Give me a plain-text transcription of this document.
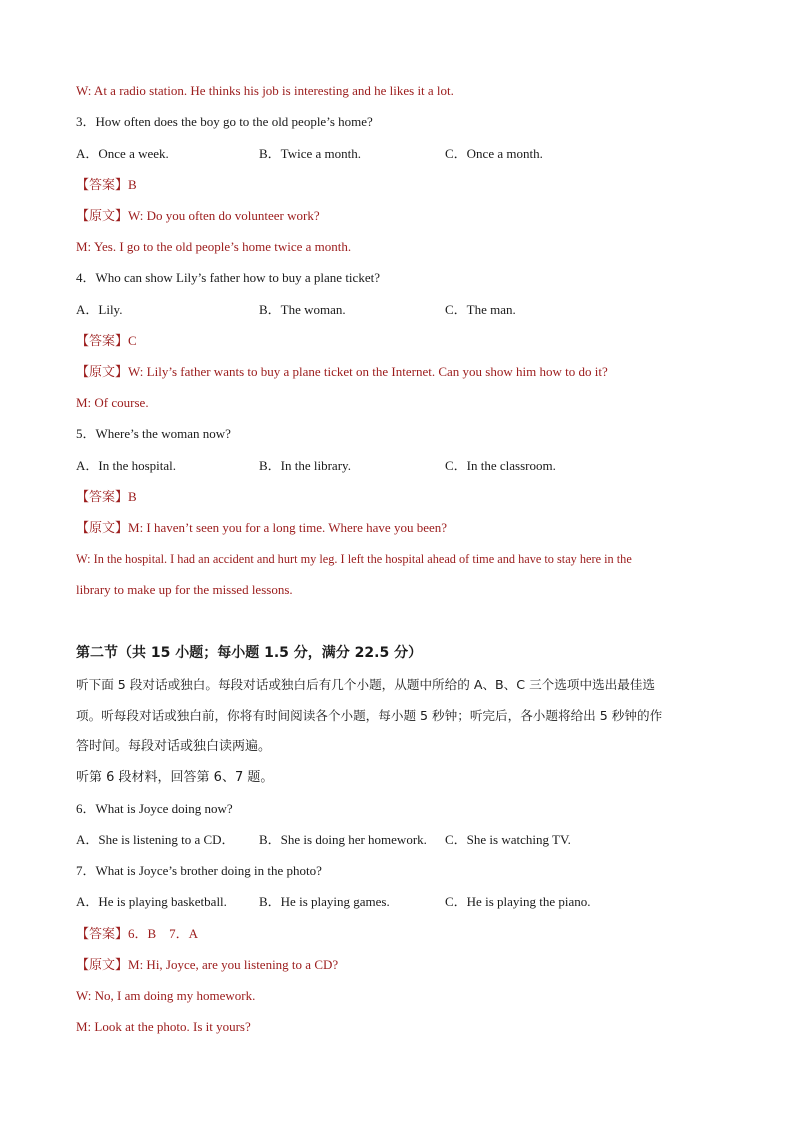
W: At a radio station. He thinks his job is interesting and he likes it a lot.
3．How often does the boy go to the old people’s home?
A．Once a week.	B．Twice a month.	C．Once a month.
【答案】B
【原文】W: Do you often do volunteer work?
M: Yes. I go to the old people’s home twice a month.
4．Who can show Lily’s father how to buy a plane ticket?
A．Lily.	B．The woman.	C．The man.
【答案】C
【原文】W: Lily’s father wants to buy a plane ticket on the Internet. Can you show him how to do it?
M: Of course.
5．Where’s the woman now?
A．In the hospital.	B．In the library.	C．In the classroom.
【答案】B
【原文】M: I haven’t seen you for a long time. Where have you been?
W: In the hospital. I had an accident and hurt my leg. I left the hospital ahead of time and have to stay here in the
library to make up for the missed lessons.
第二节（共 15 小题；每小题 1.5 分，满分 22.5 分）
听下面 5 段对话或独白。每段对话或独白后有几个小题，从题中所给的 A、B、C 三个选项中选出最佳选
项。听每段对话或独白前，你将有时间阅读各个小题，每小题 5 秒钟；听完后，各小题将给出 5 秒钟的作
答时间。每段对话或独白读两遍。
听第 6 段材料，回答第 6、7 题。
6．What is Joyce doing now?
A．She is listening to a CD． B．She is doing her homework. C．She is watching TV.
7．What is Joyce’s brother doing in the photo?
A．He is playing basketball. B．He is playing games.	C．He is playing the piano.
【答案】6．B    7．A
【原文】M: Hi, Joyce, are you listening to a CD?
W: No, I am doing my homework.
M: Look at the photo. Is it yours?
